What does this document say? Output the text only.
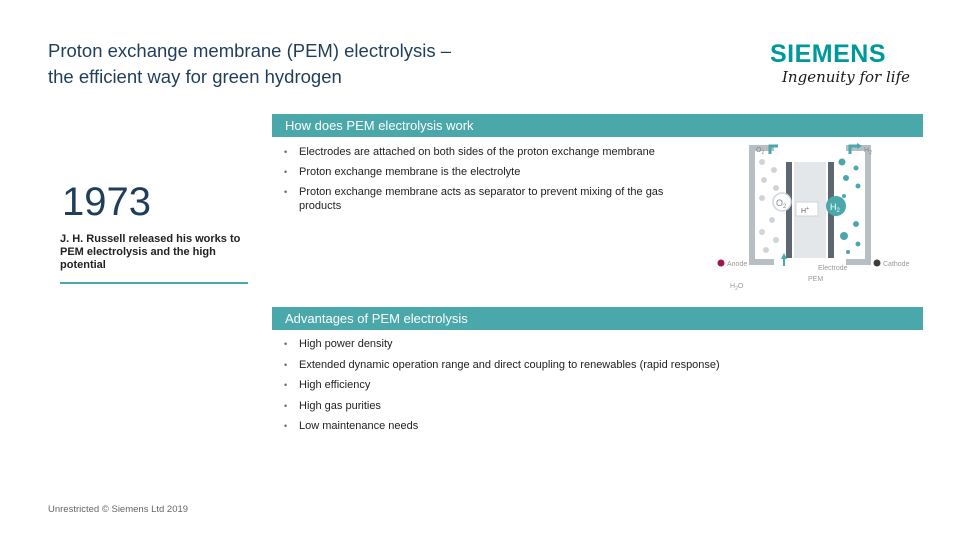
Proton exchange membrane (PEM) electrolysis –
the efficient way for green hydrogen
SIEMENS
Ingenuity for life
How does PEM electrolysis work
• Electrodes are attached on both sides of the proton exchange membrane
• Proton exchange membrane is the electrolyte
• Proton exchange membrane acts as separator to prevent mixing of the gas products
1973
J. H. Russell released his works to PEM electrolysis and the high potential
$O_2$	$H_2$
$O_2$	$H_2$
H+
Anode
Electrode
Cathode
PEM
$H_2O$
Advantages of PEM electrolysis
• High power density
• Extended dynamic operation range and direct coupling to renewables (rapid response)
• High efficiency
• High gas purities
• Low maintenance needs
Unrestricted © Siemens Ltd 2019
